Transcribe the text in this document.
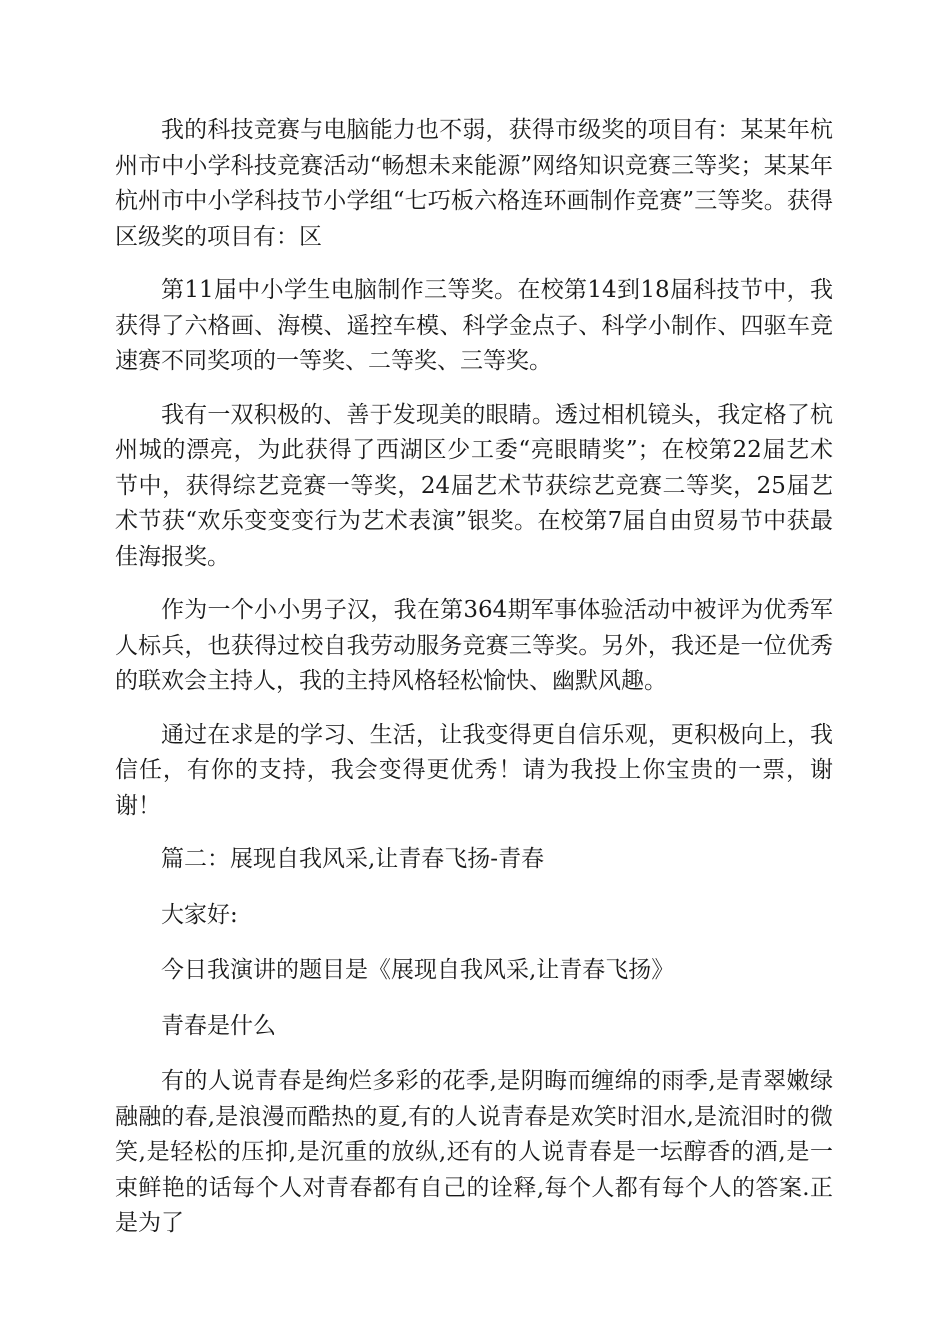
我的科技竞赛与电脑能力也不弱，获得市级奖的项目有：某某年杭州市中小学科技竞赛活动“畅想未来能源”网络知识竞赛三等奖；某某年杭州市中小学科技节小学组“七巧板六格连环画制作竞赛”三等奖。获得区级奖的项目有：区

第11届中小学生电脑制作三等奖。在校第14到18届科技节中，我获得了六格画、海模、遥控车模、科学金点子、科学小制作、四驱车竞速赛不同奖项的一等奖、二等奖、三等奖。

我有一双积极的、善于发现美的眼睛。透过相机镜头，我定格了杭州城的漂亮，为此获得了西湖区少工委“亮眼睛奖”；在校第22届艺术节中，获得综艺竞赛一等奖，24届艺术节获综艺竞赛二等奖，25届艺术节获“欢乐变变变行为艺术表演”银奖。在校第7届自由贸易节中获最佳海报奖。

作为一个小小男子汉，我在第364期军事体验活动中被评为优秀军人标兵，也获得过校自我劳动服务竞赛三等奖。另外，我还是一位优秀的联欢会主持人，我的主持风格轻松愉快、幽默风趣。

通过在求是的学习、生活，让我变得更自信乐观，更积极向上，我信任，有你的支持，我会变得更优秀！请为我投上你宝贵的一票，谢谢！

篇二：展现自我风采,让青春飞扬-青春

大家好:

今日我演讲的题目是《展现自我风采,让青春飞扬》

青春是什么

有的人说青春是绚烂多彩的花季,是阴晦而缠绵的雨季,是青翠嫩绿融融的春,是浪漫而酷热的夏,有的人说青春是欢笑时泪水,是流泪时的微笑,是轻松的压抑,是沉重的放纵,还有的人说青春是一坛醇香的酒,是一束鲜艳的话每个人对青春都有自己的诠释,每个人都有每个人的答案.正是为了
